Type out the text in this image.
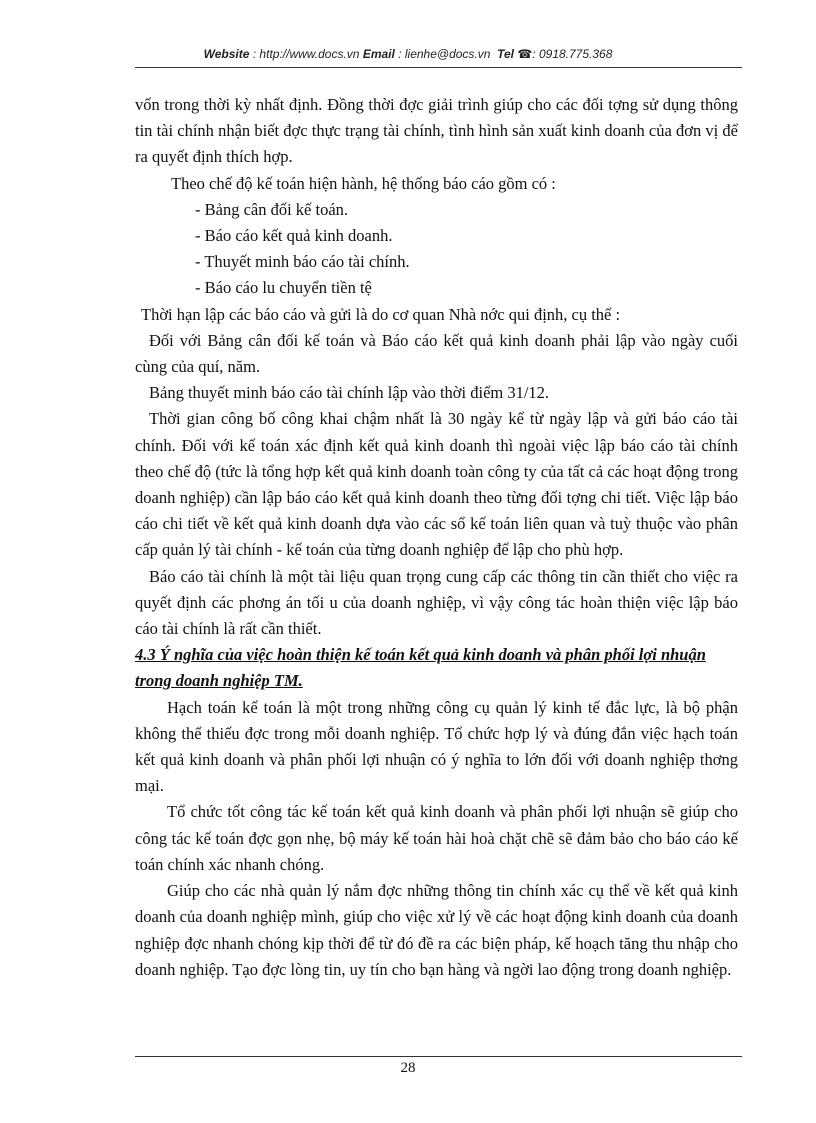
Website : http://www.docs.vn Email : lienhe@docs.vn Tel ☎: 0918.775.368

vốn trong thời kỳ nhất định. Đồng thời đợc giải trình giúp cho các đối tợng sử dụng thông tin tài chính nhận biết đợc thực trạng tài chính, tình hình sản xuất kinh doanh của đơn vị để ra quyết định thích hợp.

Theo chế độ kế toán hiện hành, hệ thống báo cáo gồm có :

- Bảng cân đối kế toán.

- Báo cáo kết quả kinh doanh.

- Thuyết minh báo cáo tài chính.

- Báo cáo lu chuyển tiền tệ

Thời hạn lập các báo cáo và gửi là do cơ quan Nhà nớc qui định, cụ thể :

Đối với Bảng cân đối kế toán và Báo cáo kết quả kinh doanh phải lập vào ngày cuối cùng của quí, năm.

Bảng thuyết minh báo cáo tài chính lập vào thời điểm 31/12.

Thời gian công bố công khai chậm nhất là 30 ngày kể từ ngày lập và gửi báo cáo tài chính. Đối với kế toán xác định kết quả kinh doanh thì ngoài việc lập báo cáo tài chính theo chế độ (tức là tổng hợp kết quả kinh doanh toàn công ty của tất cả các hoạt động trong doanh nghiệp) cần lập báo cáo kết quả kinh doanh theo từng đối tợng chi tiết. Việc lập báo cáo chi tiết về kết quả kinh doanh dựa vào các sổ kế toán liên quan và tuỳ thuộc vào phân cấp quản lý tài chính - kế toán của từng doanh nghiệp để lập cho phù hợp.

Báo cáo tài chính là một tài liệu quan trọng cung cấp các thông tin cần thiết cho việc ra quyết định các phơng án tối u của doanh nghiệp, vì vậy công tác hoàn thiện việc lập báo cáo tài chính là rất cần thiết.

4.3 Ý nghĩa của việc hoàn thiện kế toán kết quả kinh doanh và phân phối lợi nhuận trong doanh nghiệp TM.

Hạch toán kế toán là một trong những công cụ quản lý kinh tế đắc lực, là bộ phận không thể thiếu đợc trong mỗi doanh nghiệp. Tổ chức hợp lý và đúng đắn việc hạch toán kết quả kinh doanh và phân phối lợi nhuận có ý nghĩa to lớn đối với doanh nghiệp thơng mại.

Tổ chức tốt công tác kế toán kết quả kinh doanh và phân phối lợi nhuận sẽ giúp cho công tác kế toán đợc gọn nhẹ, bộ máy kế toán hài hoà chặt chẽ sẽ đảm bảo cho báo cáo kế toán chính xác nhanh chóng.

Giúp cho các nhà quản lý nắm đợc những thông tin chính xác cụ thể về kết quả kinh doanh của doanh nghiệp mình, giúp cho việc xử lý về các hoạt động kinh doanh của doanh nghiệp đợc nhanh chóng kịp thời để từ đó đề ra các biện pháp, kế hoạch tăng thu nhập cho doanh nghiệp. Tạo đợc lòng tin, uy tín cho bạn hàng và ngời lao động trong doanh nghiệp.

28
